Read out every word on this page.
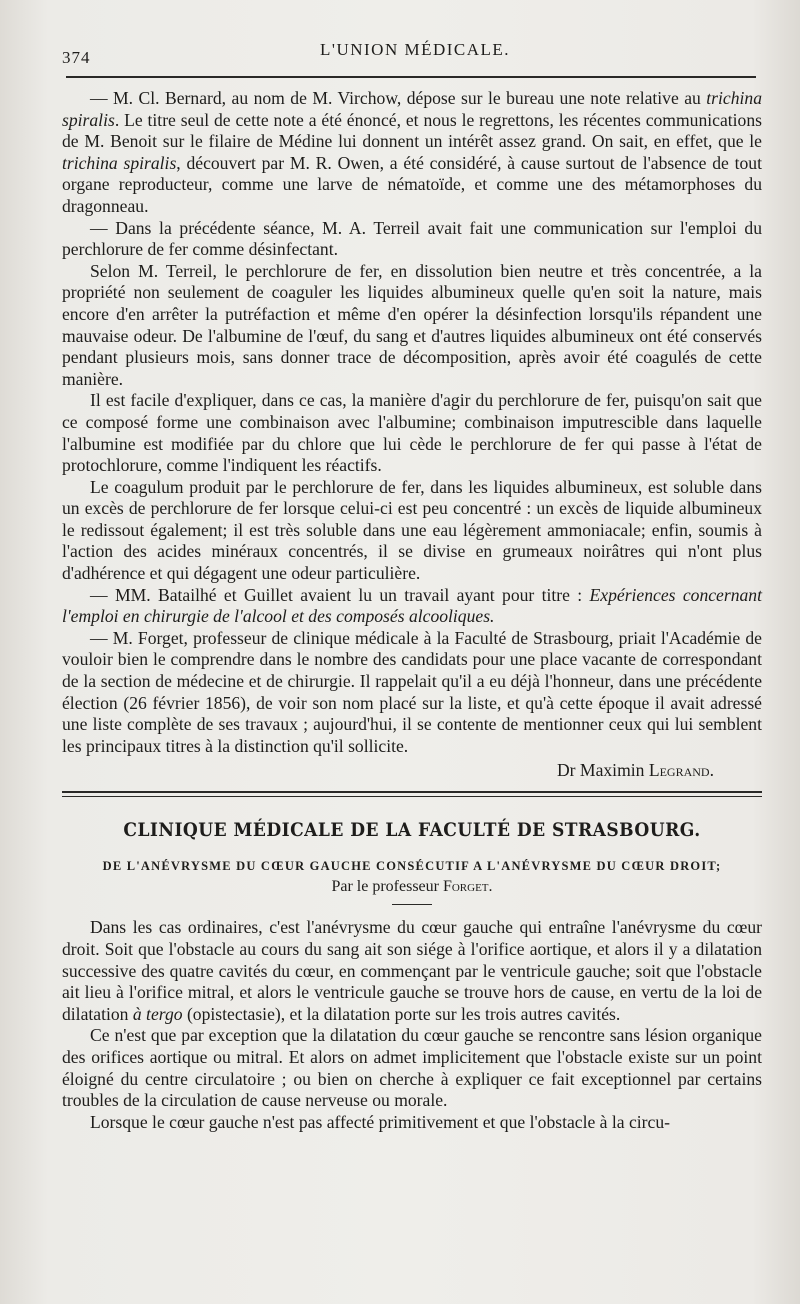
374	L'UNION MÉDICALE.

— M. Cl. Bernard, au nom de M. Virchow, dépose sur le bureau une note relative au trichina spiralis. Le titre seul de cette note a été énoncé, et nous le regrettons, les récentes communications de M. Benoit sur le filaire de Médine lui donnent un intérêt assez grand. On sait, en effet, que le trichina spiralis, découvert par M. R. Owen, a été considéré, à cause surtout de l'absence de tout organe reproducteur, comme une larve de nématoïde, et comme une des métamorphoses du dragonneau.

— Dans la précédente séance, M. A. Terreil avait fait une communication sur l'emploi du perchlorure de fer comme désinfectant.

Selon M. Terreil, le perchlorure de fer, en dissolution bien neutre et très concentrée, a la propriété non seulement de coaguler les liquides albumineux quelle qu'en soit la nature, mais encore d'en arrêter la putréfaction et même d'en opérer la désinfection lorsqu'ils répandent une mauvaise odeur. De l'albumine de l'œuf, du sang et d'autres liquides albumineux ont été conservés pendant plusieurs mois, sans donner trace de décomposition, après avoir été coagulés de cette manière.

Il est facile d'expliquer, dans ce cas, la manière d'agir du perchlorure de fer, puisqu'on sait que ce composé forme une combinaison avec l'albumine; combinaison imputrescible dans laquelle l'albumine est modifiée par du chlore que lui cède le perchlorure de fer qui passe à l'état de protochlorure, comme l'indiquent les réactifs.

Le coagulum produit par le perchlorure de fer, dans les liquides albumineux, est soluble dans un excès de perchlorure de fer lorsque celui-ci est peu concentré : un excès de liquide albumineux le redissout également; il est très soluble dans une eau légèrement ammoniacale; enfin, soumis à l'action des acides minéraux concentrés, il se divise en grumeaux noirâtres qui n'ont plus d'adhérence et qui dégagent une odeur particulière.

— MM. Batailhé et Guillet avaient lu un travail ayant pour titre : Expériences concernant l'emploi en chirurgie de l'alcool et des composés alcooliques.

— M. Forget, professeur de clinique médicale à la Faculté de Strasbourg, priait l'Académie de vouloir bien le comprendre dans le nombre des candidats pour une place vacante de correspondant de la section de médecine et de chirurgie. Il rappelait qu'il a eu déjà l'honneur, dans une précédente élection (26 février 1856), de voir son nom placé sur la liste, et qu'à cette époque il avait adressé une liste complète de ses travaux ; aujourd'hui, il se contente de mentionner ceux qui lui semblent les principaux titres à la distinction qu'il sollicite.

Dr Maximin Legrand.
CLINIQUE MÉDICALE DE LA FACULTÉ DE STRASBOURG.
DE L'ANÉVRYSME DU CŒUR GAUCHE CONSÉCUTIF A L'ANÉVRYSME DU CŒUR DROIT;
Par le professeur Forget.

Dans les cas ordinaires, c'est l'anévrysme du cœur gauche qui entraîne l'anévrysme du cœur droit. Soit que l'obstacle au cours du sang ait son siége à l'orifice aortique, et alors il y a dilatation successive des quatre cavités du cœur, en commençant par le ventricule gauche; soit que l'obstacle ait lieu à l'orifice mitral, et alors le ventricule gauche se trouve hors de cause, en vertu de la loi de dilatation à tergo (opistectasie), et la dilatation porte sur les trois autres cavités.

Ce n'est que par exception que la dilatation du cœur gauche se rencontre sans lésion organique des orifices aortique ou mitral. Et alors on admet implicitement que l'obstacle existe sur un point éloigné du centre circulatoire ; ou bien on cherche à expliquer ce fait exceptionnel par certains troubles de la circulation de cause nerveuse ou morale.

Lorsque le cœur gauche n'est pas affecté primitivement et que l'obstacle à la circu-
